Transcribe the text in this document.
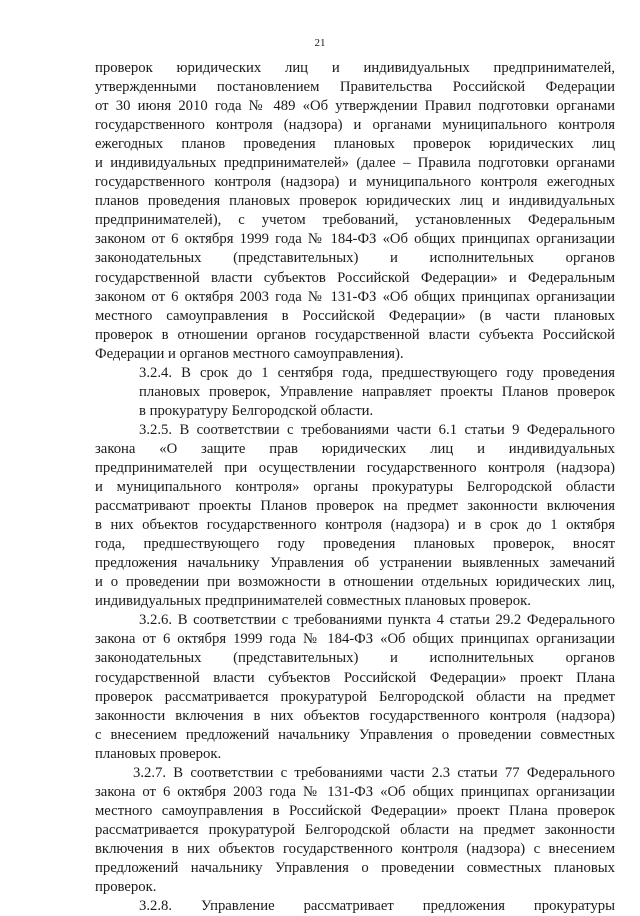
21
проверок юридических лиц и индивидуальных предпринимателей,
утвержденными постановлением Правительства Российской Федерации
от 30 июня 2010 года № 489 «Об утверждении Правил подготовки органами
государственного контроля (надзора) и органами муниципального контроля
ежегодных планов проведения плановых проверок юридических лиц
и индивидуальных предпринимателей» (далее – Правила подготовки органами
государственного контроля (надзора) и муниципального контроля ежегодных
планов проведения плановых проверок юридических лиц и индивидуальных
предпринимателей), с учетом требований, установленных Федеральным
законом от 6 октября 1999 года № 184-ФЗ «Об общих принципах организации
законодательных (представительных) и исполнительных органов
государственной власти субъектов Российской Федерации» и Федеральным
законом от 6 октября 2003 года № 131-ФЗ «Об общих принципах организации
местного самоуправления в Российской Федерации» (в части плановых
проверок в отношении органов государственной власти субъекта Российской
Федерации и органов местного самоуправления).
3.2.4. В срок до 1 сентября года, предшествующего году проведения
плановых проверок, Управление направляет проекты Планов проверок
в прокуратуру Белгородской области.
3.2.5. В соответствии с требованиями части 6.1 статьи 9 Федерального
закона «О защите прав юридических лиц и индивидуальных
предпринимателей при осуществлении государственного контроля (надзора)
и муниципального контроля» органы прокуратуры Белгородской области
рассматривают проекты Планов проверок на предмет законности включения
в них объектов государственного контроля (надзора) и в срок до 1 октября
года, предшествующего году проведения плановых проверок, вносят
предложения начальнику Управления об устранении выявленных замечаний
и о проведении при возможности в отношении отдельных юридических лиц,
индивидуальных предпринимателей совместных плановых проверок.
3.2.6. В соответствии с требованиями пункта 4 статьи 29.2 Федерального
закона от 6 октября 1999 года № 184-ФЗ «Об общих принципах организации
законодательных (представительных) и исполнительных органов
государственной власти субъектов Российской Федерации» проект Плана
проверок рассматривается прокуратурой Белгородской области на предмет
законности включения в них объектов государственного контроля (надзора)
с внесением предложений начальнику Управления о проведении совместных
плановых проверок.
3.2.7. В соответствии с требованиями части 2.3 статьи 77 Федерального
закона от 6 октября 2003 года № 131-ФЗ «Об общих принципах организации
местного самоуправления в Российской Федерации» проект Плана проверок
рассматривается прокуратурой Белгородской области на предмет законности
включения в них объектов государственного контроля (надзора) с внесением
предложений начальнику Управления о проведении совместных плановых
проверок.
3.2.8. Управление рассматривает предложения прокуратуры
